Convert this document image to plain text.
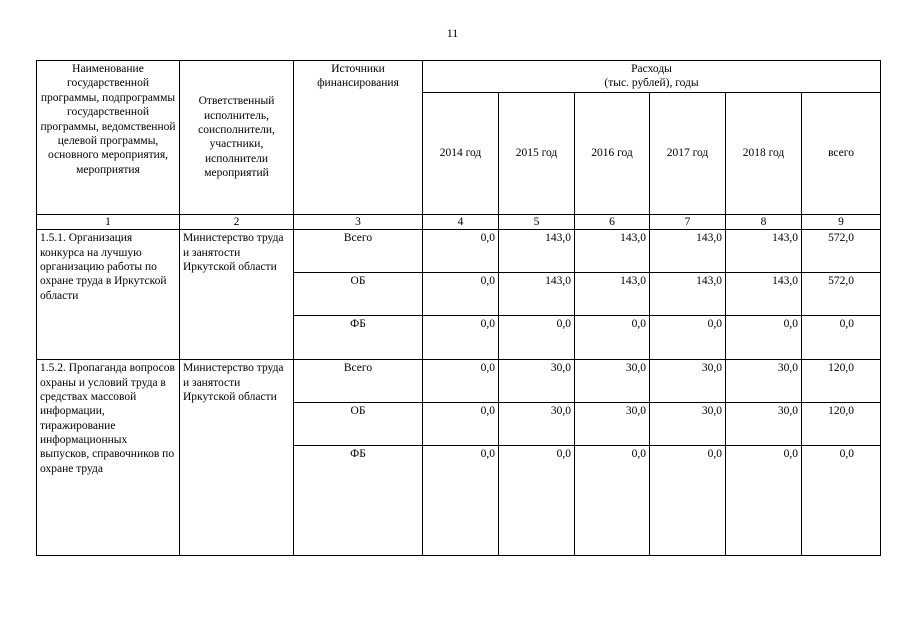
11
Наименование государственной программы, подпрограммы государственной программы, ведомственной целевой программы, основного мероприятия, мероприятия	Ответственный исполнитель, соисполнители, участники, исполнители мероприятий	Источники финансирования	Расходы
(тыс. рублей), годы					

			2014 год	2015 год	2016 год	2017 год	2018 год	всего
1	2	3	4	5	6	7	8	9
1.5.1. Организация конкурса на лучшую организацию работы по охране труда в Иркутской области	Министерство труда и занятости Иркутской области	Всего	0,0	143,0	143,0	143,0	143,0	572,0
		ОБ	0,0	143,0	143,0	143,0	143,0	572,0
		ФБ	0,0	0,0	0,0	0,0	0,0	0,0
1.5.2. Пропаганда вопросов охраны и условий труда в средствах массовой информации, тиражирование информационных выпусков, справочников по охране труда	Министерство труда и занятости Иркутской области	Всего	0,0	30,0	30,0	30,0	30,0	120,0
		ОБ	0,0	30,0	30,0	30,0	30,0	120,0
		ФБ	0,0	0,0	0,0	0,0	0,0	0,0
